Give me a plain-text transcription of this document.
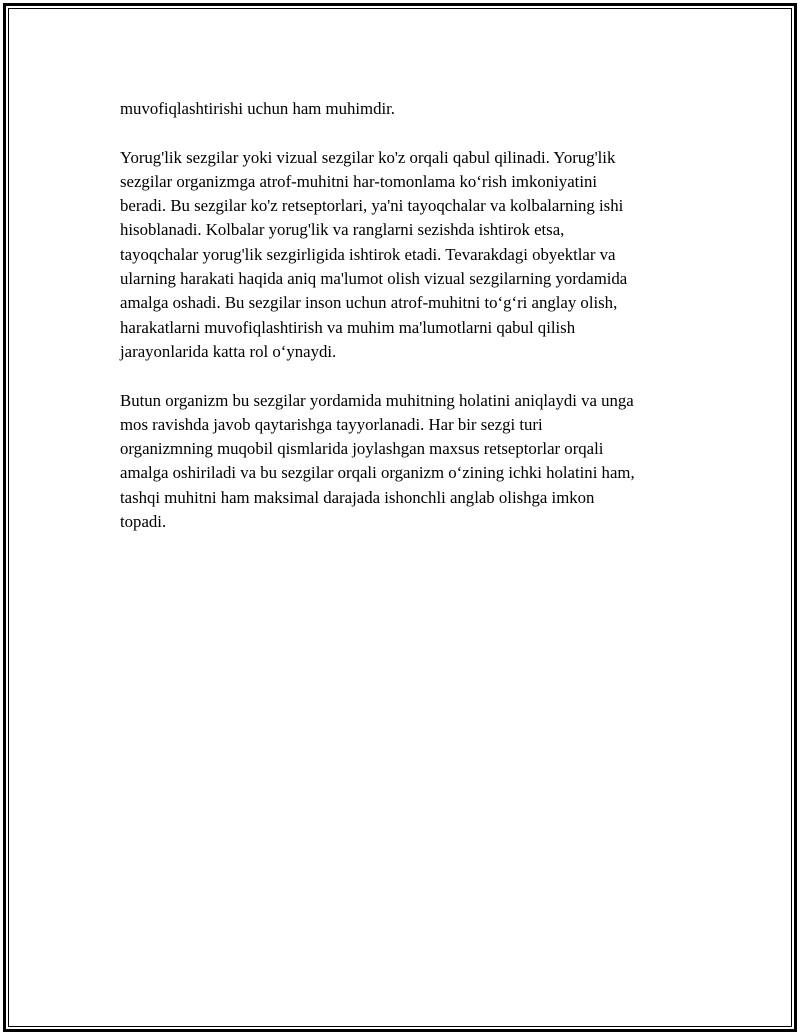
muvofiqlashtirishi uchun ham muhimdir.

Yorug'lik sezgilar yoki vizual sezgilar ko'z orqali qabul qilinadi. Yorug'lik
sezgilar organizmga atrof-muhitni har-tomonlama ko‘rish imkoniyatini
beradi. Bu sezgilar ko'z retseptorlari, ya'ni tayoqchalar va kolbalarning ishi
hisoblanadi. Kolbalar yorug'lik va ranglarni sezishda ishtirok etsa,
tayoqchalar yorug'lik sezgirligida ishtirok etadi. Tevarakdagi obyektlar va
ularning harakati haqida aniq ma'lumot olish vizual sezgilarning yordamida
amalga oshadi. Bu sezgilar inson uchun atrof-muhitni to‘g‘ri anglay olish,
harakatlarni muvofiqlashtirish va muhim ma'lumotlarni qabul qilish
jarayonlarida katta rol o‘ynaydi.

Butun organizm bu sezgilar yordamida muhitning holatini aniqlaydi va unga
mos ravishda javob qaytarishga tayyorlanadi. Har bir sezgi turi
organizmning muqobil qismlarida joylashgan maxsus retseptorlar orqali
amalga oshiriladi va bu sezgilar orqali organizm o‘zining ichki holatini ham,
tashqi muhitni ham maksimal darajada ishonchli anglab olishga imkon
topadi.
